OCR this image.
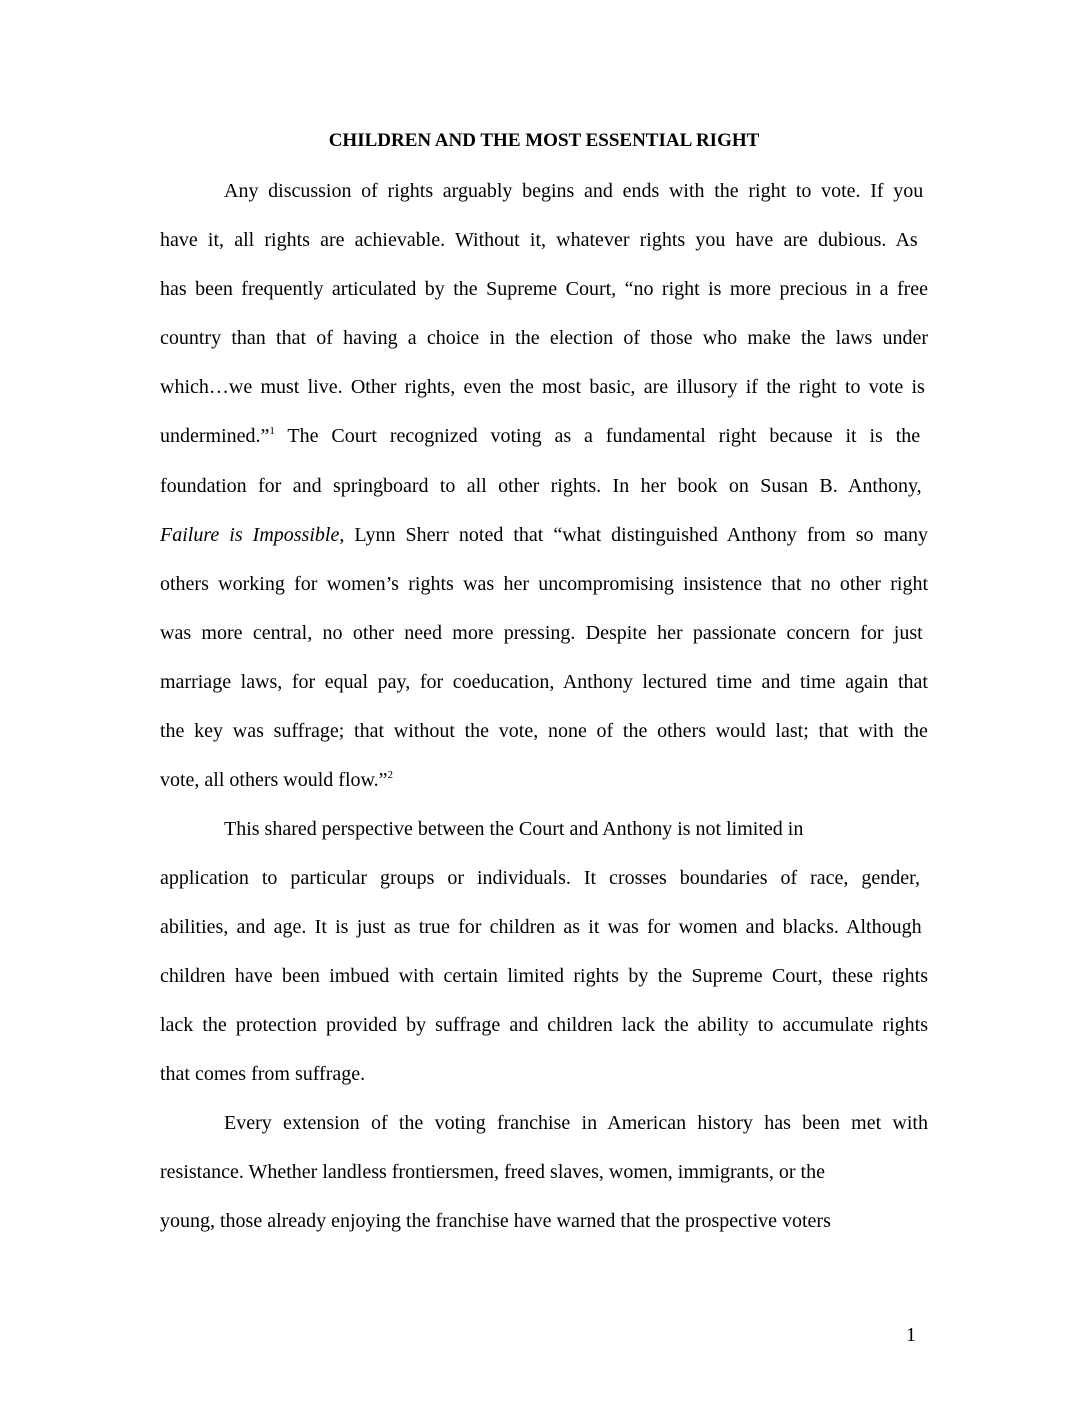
CHILDREN AND THE MOST ESSENTIAL RIGHT
Any discussion of rights arguably begins and ends with the right to vote. If you
have it, all rights are achievable. Without it, whatever rights you have are dubious. As
has been frequently articulated by the Supreme Court, “no right is more precious in a free
country than that of having a choice in the election of those who make the laws under
which…we must live. Other rights, even the most basic, are illusory if the right to vote is
undermined.”$^1$ The Court recognized voting as a fundamental right because it is the
foundation for and springboard to all other rights. In her book on Susan B. Anthony,
Failure is Impossible, Lynn Sherr noted that “what distinguished Anthony from so many
others working for women’s rights was her uncompromising insistence that no other right
was more central, no other need more pressing. Despite her passionate concern for just
marriage laws, for equal pay, for coeducation, Anthony lectured time and time again that
the key was suffrage; that without the vote, none of the others would last; that with the
vote, all others would flow.”$^2$
This shared perspective between the Court and Anthony is not limited in
application to particular groups or individuals. It crosses boundaries of race, gender,
abilities, and age. It is just as true for children as it was for women and blacks. Although
children have been imbued with certain limited rights by the Supreme Court, these rights
lack the protection provided by suffrage and children lack the ability to accumulate rights
that comes from suffrage.
Every extension of the voting franchise in American history has been met with
resistance. Whether landless frontiersmen, freed slaves, women, immigrants, or the
young, those already enjoying the franchise have warned that the prospective voters
1
